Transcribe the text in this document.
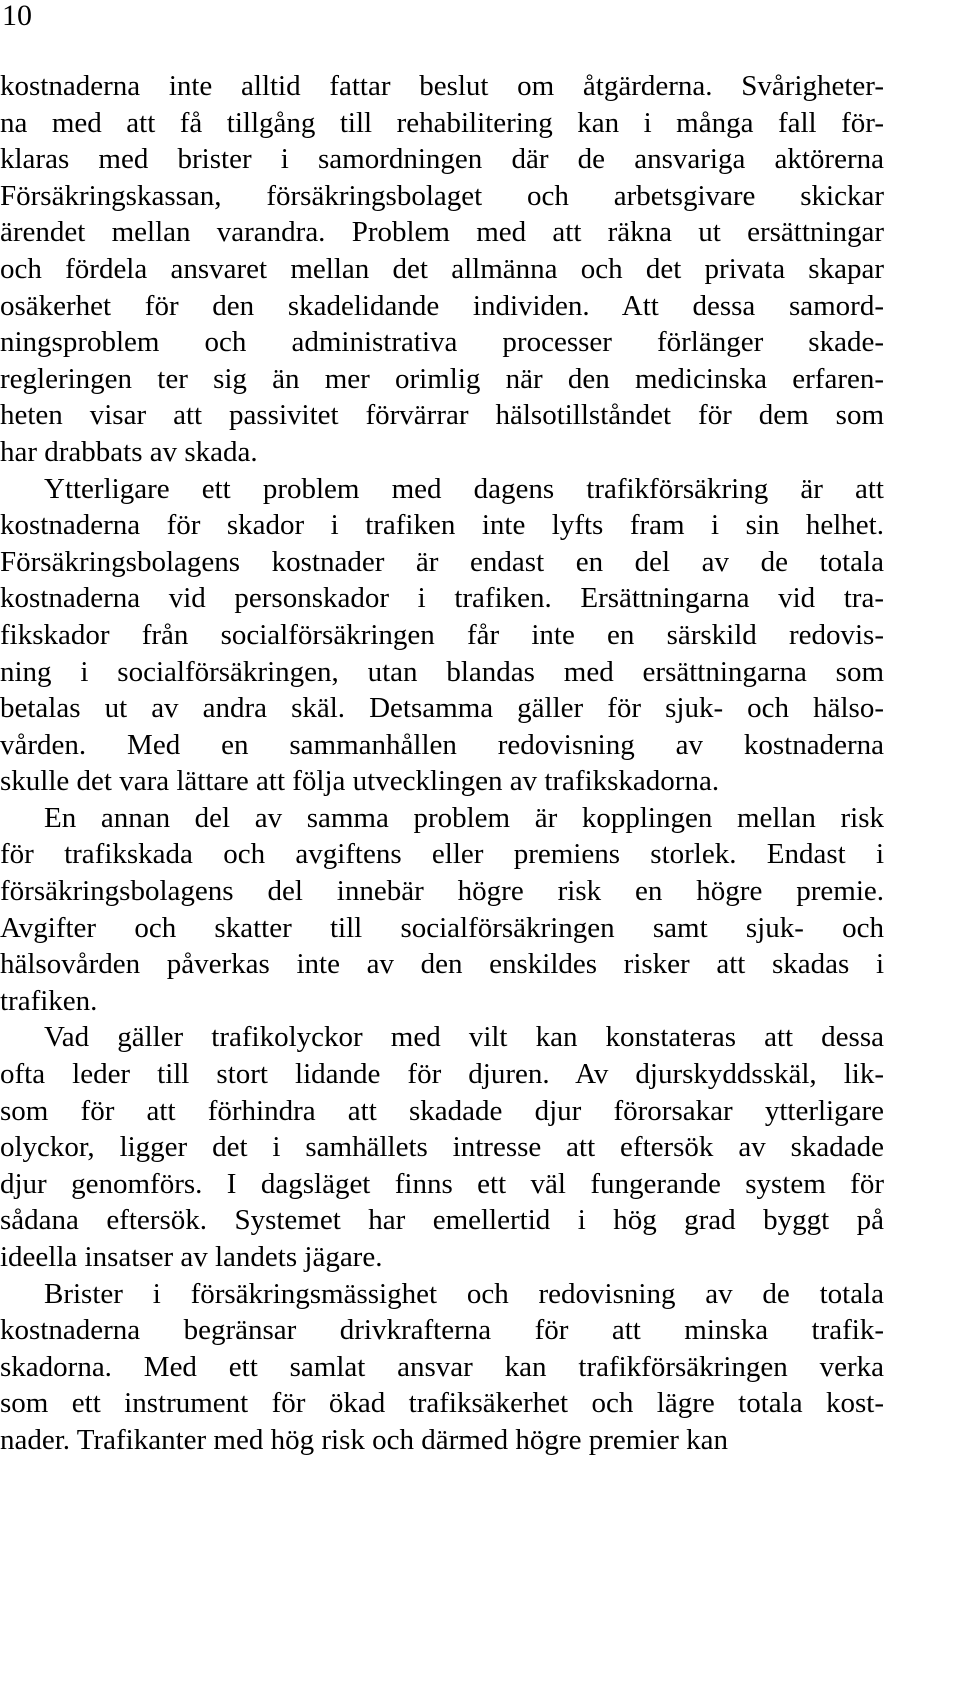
10
kostnaderna inte alltid fattar beslut om åtgärderna. Svårigheter-
na med att få tillgång till rehabilitering kan i många fall för-
klaras med brister i samordningen där de ansvariga aktörerna
Försäkringskassan, försäkringsbolaget och arbetsgivare skickar
ärendet mellan varandra. Problem med att räkna ut ersättningar
och fördela ansvaret mellan det allmänna och det privata skapar
osäkerhet för den skadelidande individen. Att dessa samord-
ningsproblem och administrativa processer förlänger skade-
regleringen ter sig än mer orimlig när den medicinska erfaren-
heten visar att passivitet förvärrar hälsotillståndet för dem som
har drabbats av skada.
Ytterligare ett problem med dagens trafikförsäkring är att
kostnaderna för skador i trafiken inte lyfts fram i sin helhet.
Försäkringsbolagens kostnader är endast en del av de totala
kostnaderna vid personskador i trafiken. Ersättningarna vid tra-
fikskador från socialförsäkringen får inte en särskild redovis-
ning i socialförsäkringen, utan blandas med ersättningarna som
betalas ut av andra skäl. Detsamma gäller för sjuk- och hälso-
vården. Med en sammanhållen redovisning av kostnaderna
skulle det vara lättare att följa utvecklingen av trafikskadorna.
En annan del av samma problem är kopplingen mellan risk
för trafikskada och avgiftens eller premiens storlek. Endast i
försäkringsbolagens del innebär högre risk en högre premie.
Avgifter och skatter till socialförsäkringen samt sjuk- och
hälsovården påverkas inte av den enskildes risker att skadas i
trafiken.
Vad gäller trafikolyckor med vilt kan konstateras att dessa
ofta leder till stort lidande för djuren. Av djurskyddsskäl, lik-
som för att förhindra att skadade djur förorsakar ytterligare
olyckor, ligger det i samhällets intresse att eftersök av skadade
djur genomförs. I dagsläget finns ett väl fungerande system för
sådana eftersök. Systemet har emellertid i hög grad byggt på
ideella insatser av landets jägare.
Brister i försäkringsmässighet och redovisning av de totala
kostnaderna begränsar drivkrafterna för att minska trafik-
skadorna. Med ett samlat ansvar kan trafikförsäkringen verka
som ett instrument för ökad trafiksäkerhet och lägre totala kost-
nader. Trafikanter med hög risk och därmed högre premier kan
